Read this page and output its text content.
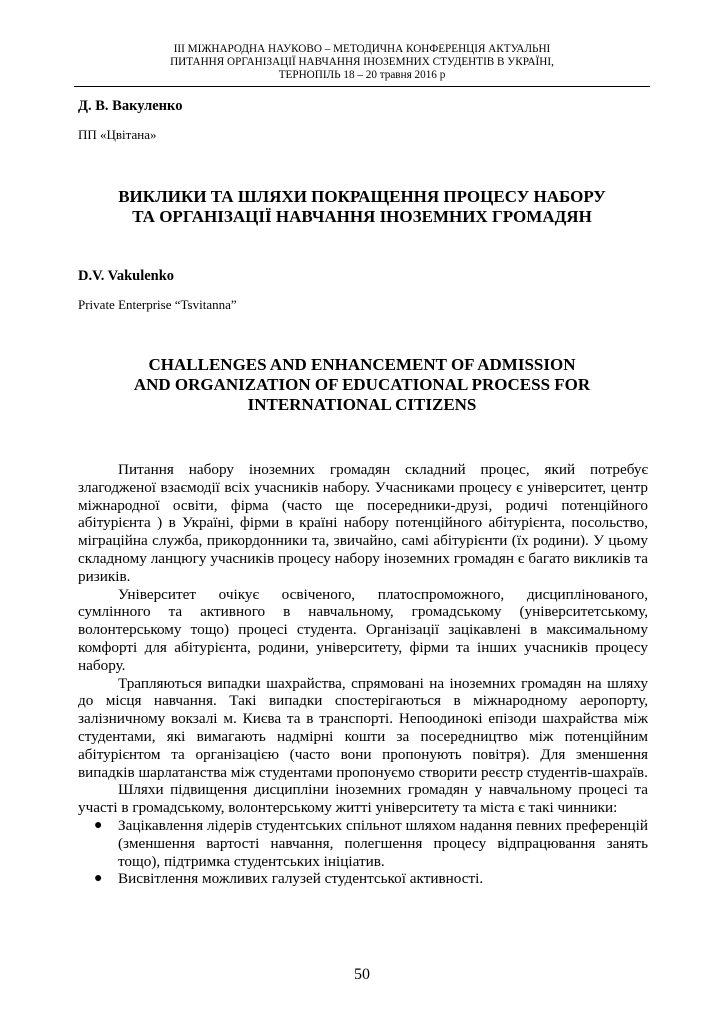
ІІІ МІЖНАРОДНА НАУКОВО – МЕТОДИЧНА КОНФЕРЕНЦІЯ АКТУАЛЬНІ
ПИТАННЯ ОРГАНІЗАЦІЇ НАВЧАННЯ ІНОЗЕМНИХ СТУДЕНТІВ В УКРАЇНІ,
ТЕРНОПІЛЬ 18 – 20 травня 2016 р
Д. В. Вакуленко
ПП «Цвітана»
ВИКЛИКИ ТА ШЛЯХИ ПОКРАЩЕННЯ ПРОЦЕСУ НАБОРУ
ТА ОРГАНІЗАЦІЇ НАВЧАННЯ ІНОЗЕМНИХ ГРОМАДЯН
D.V. Vakulenko
Private Enterprise “Tsvitanna”
CHALLENGES AND ENHANCEMENT OF ADMISSION
AND ORGANIZATION OF EDUCATIONAL PROCESS FOR
INTERNATIONAL CITIZENS

Питання набору іноземних громадян складний процес, який потребує злагодженої взаємодії всіх учасників набору. Учасниками процесу є університет, центр міжнародної освіти, фірма (часто ще посередники-друзі, родичі потенційного абітурієнта ) в Україні, фірми в країні набору потенційного абітурієнта, посольство, міграційна служба, прикордонники та, звичайно, самі абітурієнти (їх родини). У цьому складному ланцюгу учасників процесу набору іноземних громадян є багато викликів та ризиків.

Університет очікує освіченого, платоспроможного, дисциплінованого, сумлінного та активного в навчальному, громадському (університетському, волонтерському тощо) процесі студента. Організації зацікавлені в максимальному комфорті для абітурієнта, родини, університету, фірми та інших учасників процесу набору.

Трапляються випадки шахрайства, спрямовані на іноземних громадян на шляху до місця навчання. Такі випадки спостерігаються в міжнародному аеропорту, залізничному вокзалі м. Києва та в транспорті. Непоодинокі епізоди шахрайства між студентами, які вимагають надмірні кошти за посередництво між потенційним абітурієнтом та організацією (часто вони пропонують повітря). Для зменшення випадків шарлатанства між студентами пропонуємо створити реєстр студентів-шахраїв.

Шляхи підвищення дисципліни іноземних громадян у навчальному процесі та участі в громадському, волонтерському житті університету та міста є такі чинники:

● Зацікавлення лідерів студентських спільнот шляхом надання певних преференцій (зменшення вартості навчання, полегшення процесу відпрацювання занять тощо), підтримка студентських ініціатив.
● Висвітлення можливих галузей студентської активності.
50
